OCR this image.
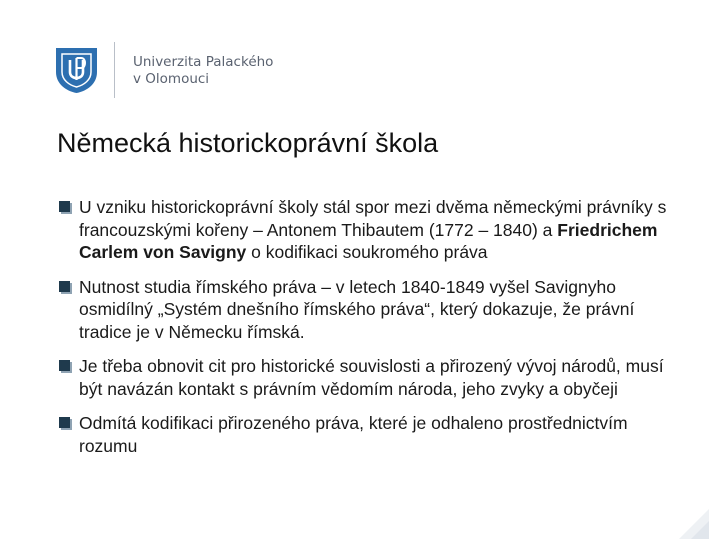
Univerzita Palackého
v Olomouci
Německá historickoprávní škola
U vzniku historickoprávní školy stál spor mezi dvěma německými právníky s francouzskými kořeny – Antonem Thibautem (1772 – 1840) a Friedrichem Carlem von Savigny o kodifikaci soukromého práva
Nutnost studia římského práva – v letech 1840-1849 vyšel Savignyho osmidílný „Systém dnešního římského práva“, který dokazuje, že právní tradice je v Německu římská.
Je třeba obnovit cit pro historické souvislosti a přirozený vývoj národů, musí být navázán kontakt s právním vědomím národa, jeho zvyky a obyčeji
Odmítá kodifikaci přirozeného práva, které je odhaleno prostřednictvím rozumu
